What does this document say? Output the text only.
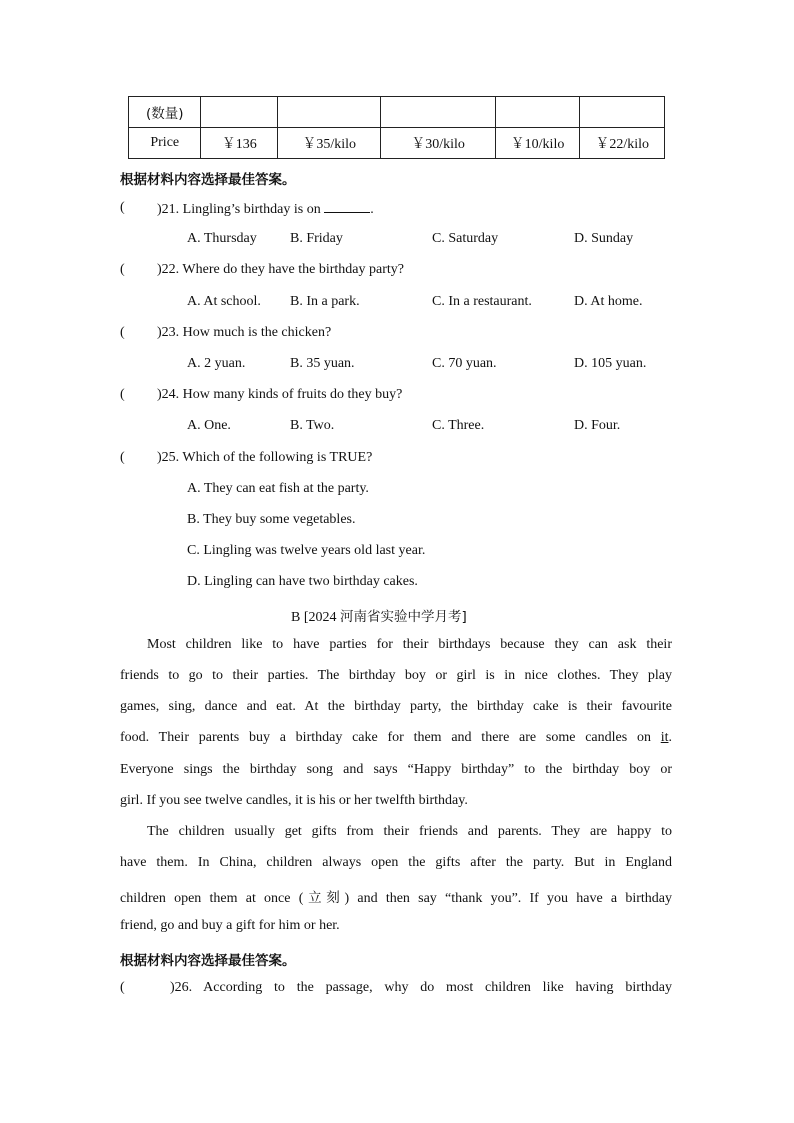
(数量)					
Price	￥136	￥35/kilo	￥30/kilo	￥10/kilo	￥22/kilo
根据材料内容选择最佳答案。
( )21. Lingling’s birthday is on	.
A. Thursday B. Friday	C. Saturday	D. Sunday
( )22. Where do they have the birthday party?
A. At school. B. In a park.	C. In a restaurant.	D. At home.
( )23. How much is the chicken?
A. 2 yuan.	B. 35 yuan.	C. 70 yuan.	D. 105 yuan.
( )24. How many kinds of fruits do they buy?
A. One.	B. Two.	C. Three.	D. Four.
( )25. Which of the following is TRUE?
A. They can eat fish at the party.
B. They buy some vegetables.
C. Lingling was twelve years old last year.
D. Lingling can have two birthday cakes.
B [2024 河南省实验中学月考]
Most children like to have parties for their birthdays because they can ask their
friends to go to their parties. The birthday boy or girl is in nice clothes. They play
games, sing, dance and eat. At the birthday party, the birthday cake is their favourite
food. Their parents buy a birthday cake for them and there are some candles on it.
Everyone sings the birthday song and says “Happy birthday” to the birthday boy or
girl. If you see twelve candles, it is his or her twelfth birthday.
The children usually get gifts from their friends and parents. They are happy to
have them. In China, children always open the gifts after the party. But in England
children open them at once (立刻) and then say “thank you”. If you have a birthday
friend, go and buy a gift for him or her.
根据材料内容选择最佳答案。
(	)26. According to the passage, why do most children like having birthday
